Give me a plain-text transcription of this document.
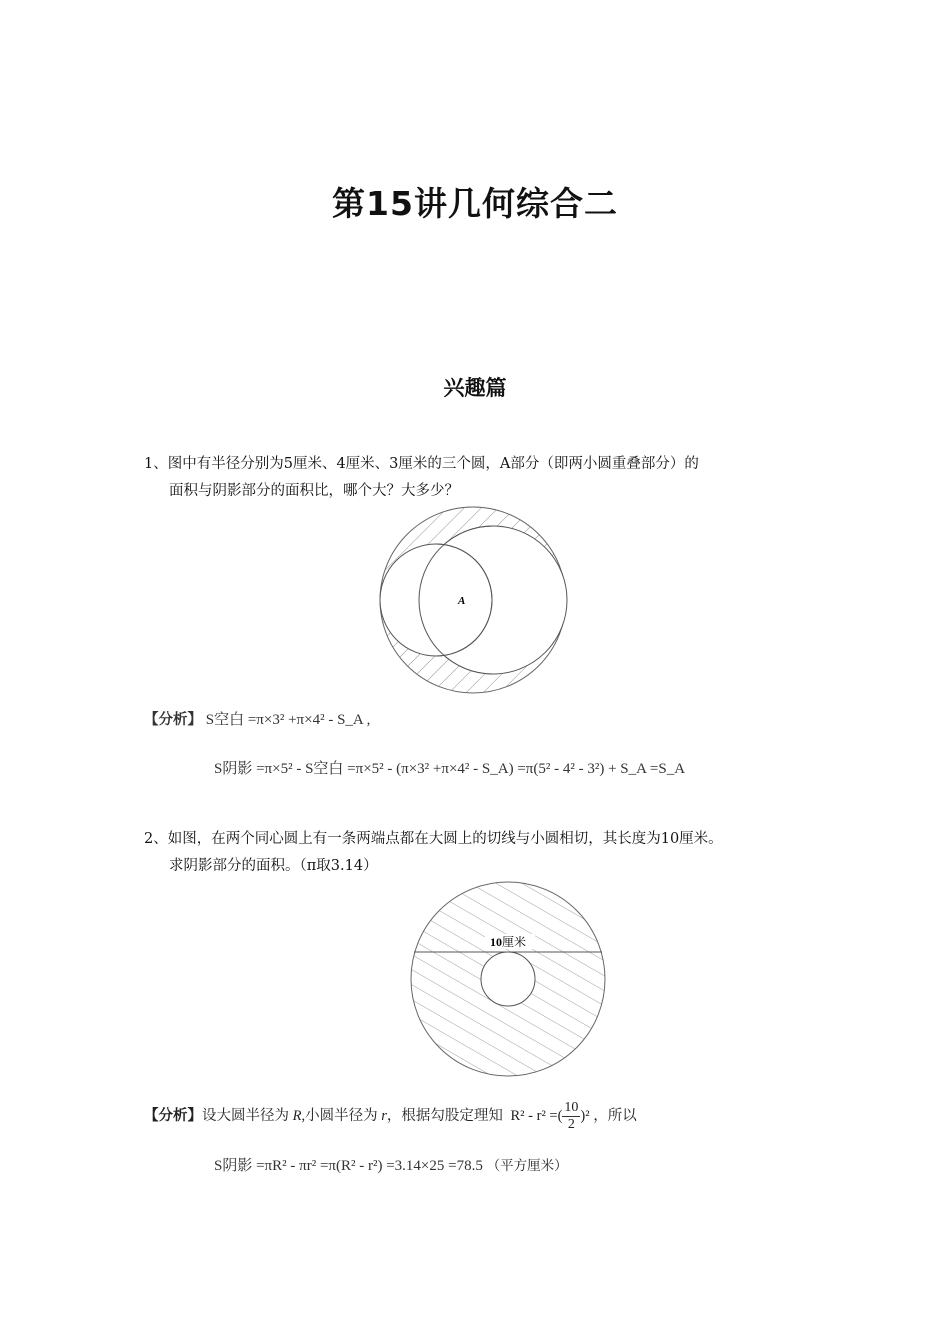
第15讲几何综合二
兴趣篇
1、图中有半径分别为5厘米、4厘米、3厘米的三个圆，A部分（即两小圆重叠部分）的
面积与阴影部分的面积比，哪个大？大多少？
A
【分析】 S空白 =π×3² +π×4² - S_A ,
S阴影 =π×5² - S空白 =π×5² - (π×3² +π×4² - S_A) =π(5² - 4² - 3²) + S_A =S_A
2、如图，在两个同心圆上有一条两端点都在大圆上的切线与小圆相切，其长度为10厘米。
求阴影部分的面积。（π取3.14）
10厘米
【分析】设大圆半径为 R,小圆半径为 r，根据勾股定理知 R² - r² =( $\frac{10}{2} )^2$ ，所以
S阴影 =πR² - πr² =π(R² - r²) =3.14×25 =78.5 （平方厘米）
